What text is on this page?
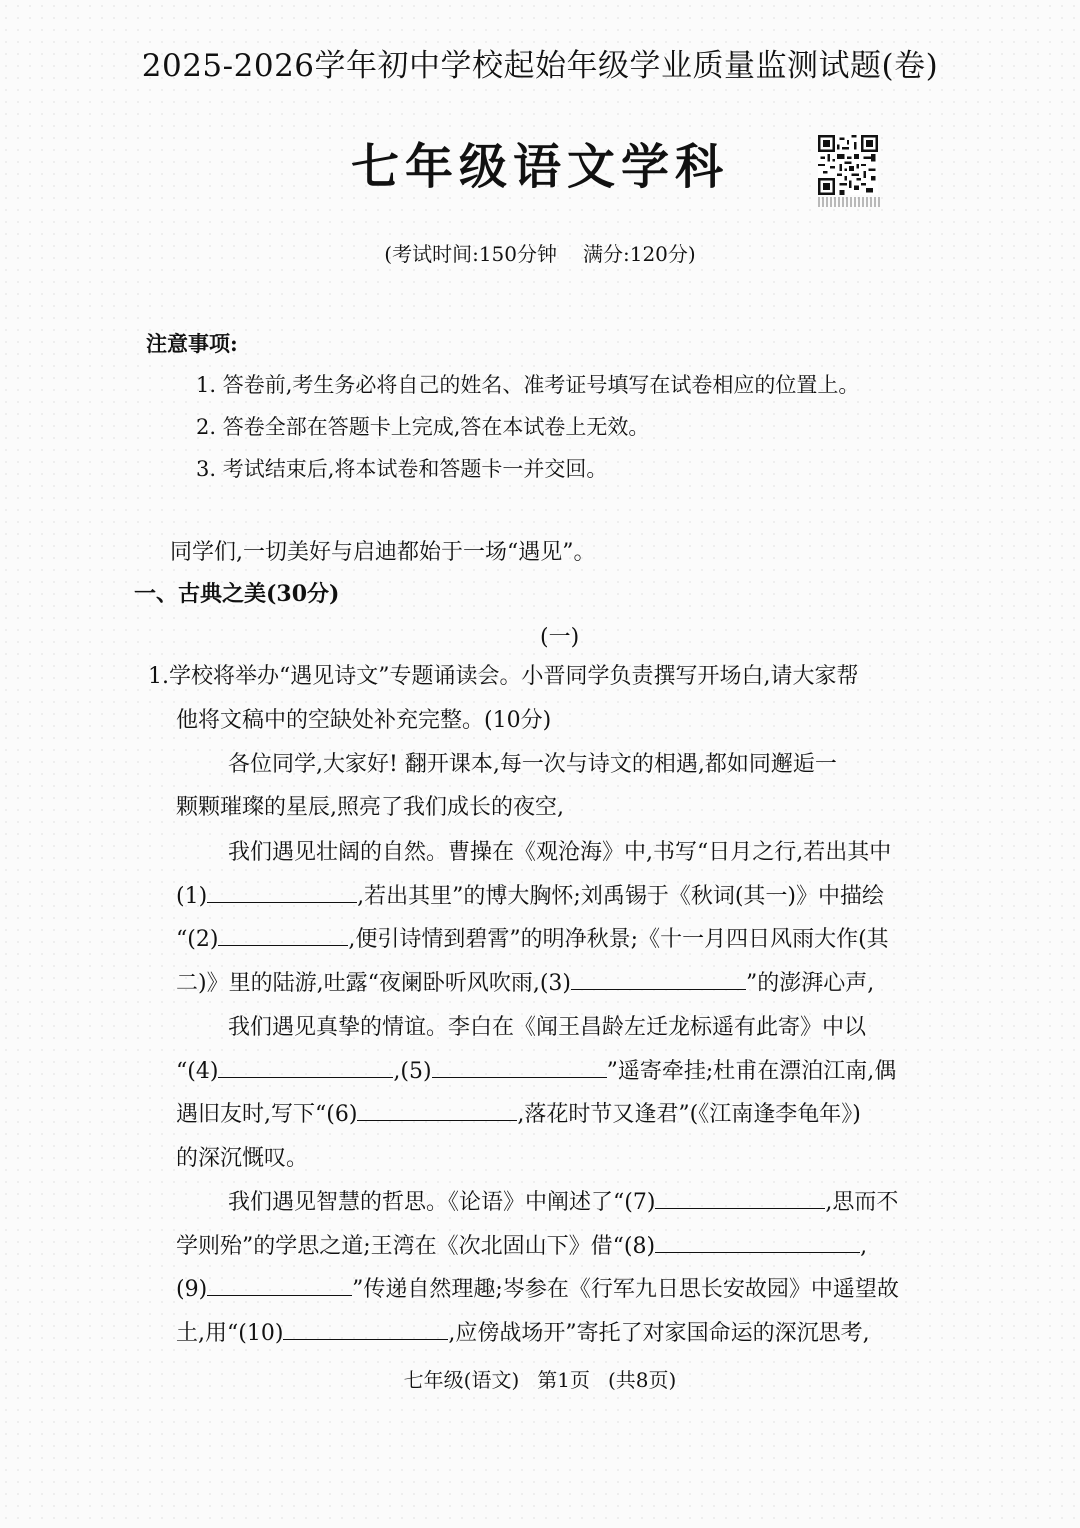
2025-2026学年初中学校起始年级学业质量监测试题(卷)
七年级语文学科
(考试时间:150分钟 满分:120分)
注意事项:
1. 答卷前,考生务必将自己的姓名、准考证号填写在试卷相应的位置上。
2. 答卷全部在答题卡上完成,答在本试卷上无效。
3. 考试结束后,将本试卷和答题卡一并交回。
同学们,一切美好与启迪都始于一场“遇见”。
一、古典之美(30分)
(一)

1.学校将举办“遇见诗文”专题诵读会。小晋同学负责撰写开场白,请大家帮

他将文稿中的空缺处补充完整。(10分)

各位同学,大家好! 翻开课本,每一次与诗文的相遇,都如同邂逅一

颗颗璀璨的星辰,照亮了我们成长的夜空,

我们遇见壮阔的自然。曹操在《观沧海》中,书写“日月之行,若出其中

(1)	,若出其里”的博大胸怀;刘禹锡于《秋词(其一)》中描绘

“(2)	,便引诗情到碧霄”的明净秋景;《十一月四日风雨大作(其

二)》里的陆游,吐露“夜阑卧听风吹雨,(3)	”的澎湃心声,

我们遇见真挚的情谊。李白在《闻王昌龄左迁龙标遥有此寄》中以

“(4)	,(5)	”遥寄牵挂;杜甫在漂泊江南,偶

遇旧友时,写下“(6)	,落花时节又逢君”(《江南逢李龟年》)

的深沉慨叹。

我们遇见智慧的哲思。《论语》中阐述了“(7)	,思而不

学则殆”的学思之道;王湾在《次北固山下》借“(8)	,

(9)	”传递自然理趣;岑参在《行军九日思长安故园》中遥望故

土,用“(10)	,应傍战场开”寄托了对家国命运的深沉思考,

七年级(语文) 第1页 (共8页)
